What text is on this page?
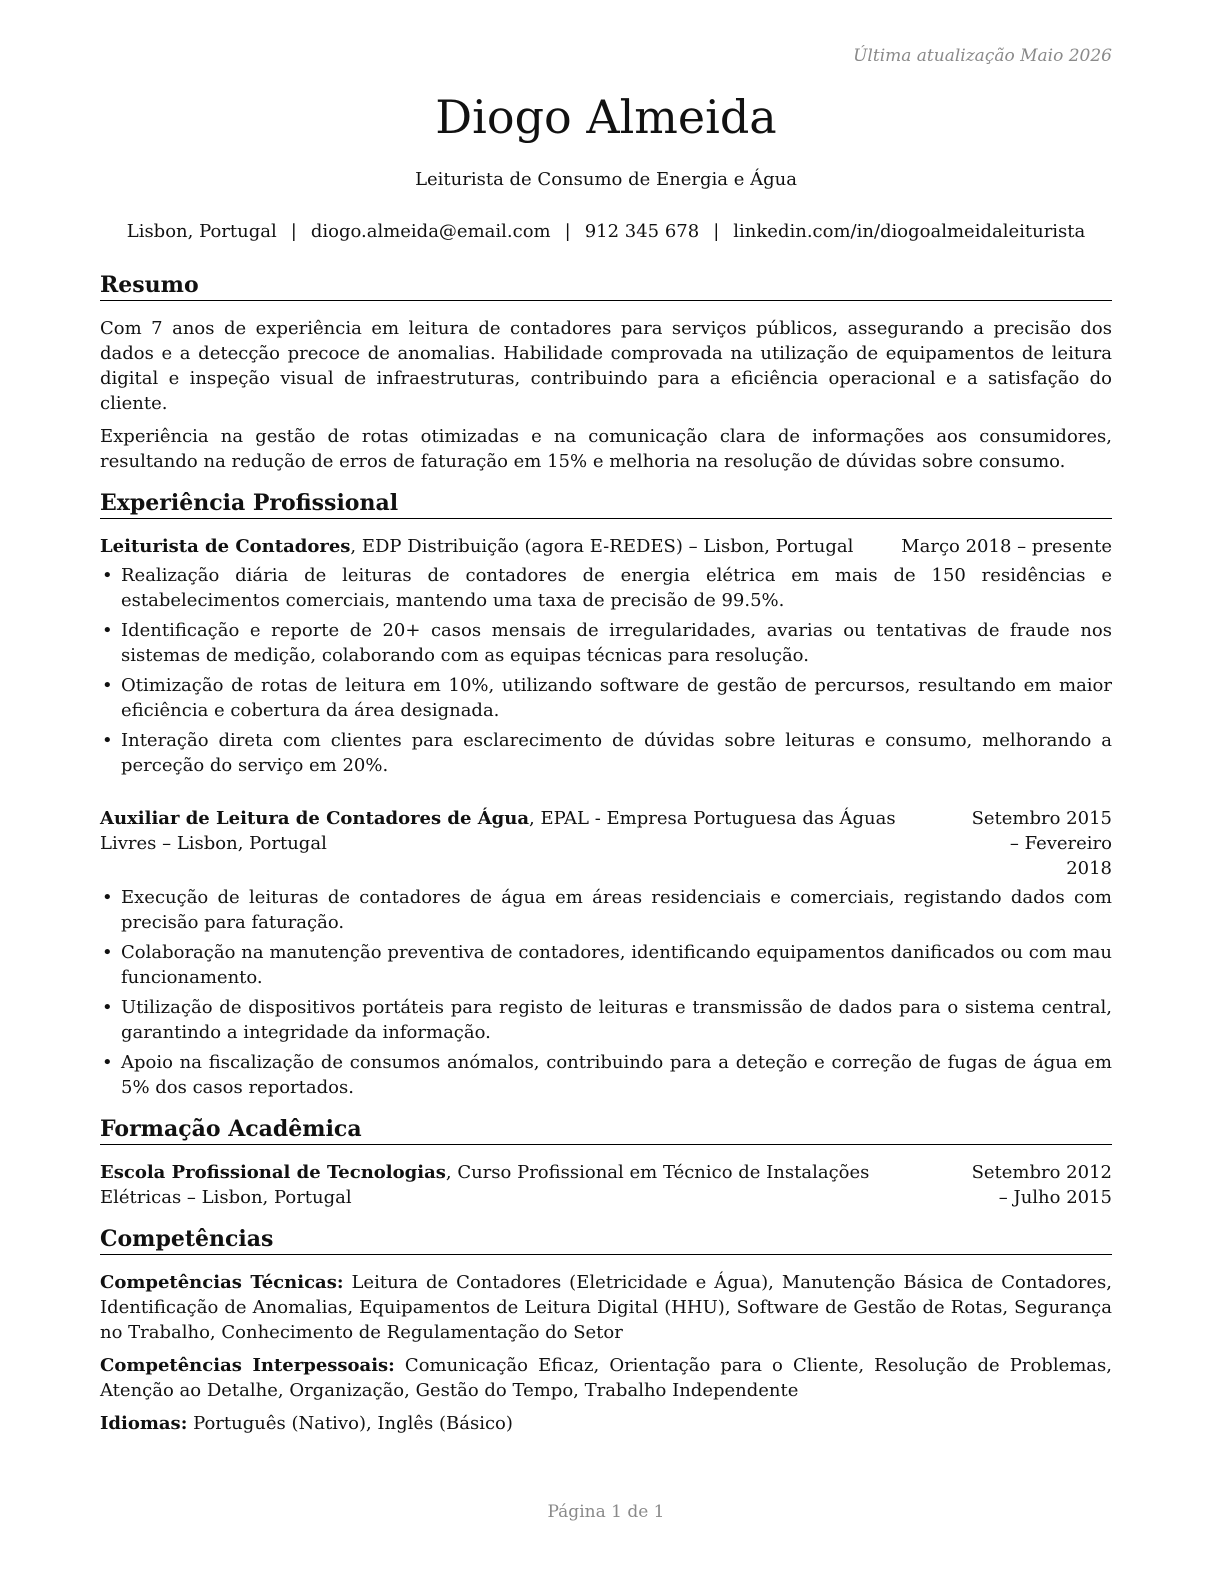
Última atualização Maio 2026
Diogo Almeida
Leiturista de Consumo de Energia e Água
Lisbon, Portugal | diogo.almeida@email.com | 912 345 678 | linkedin.com/in/diogoalmeidaleiturista
Resumo

Com 7 anos de experiência em leitura de contadores para serviços públicos, assegurando a precisão dos dados e a detecção precoce de anomalias. Habilidade comprovada na utilização de equipamentos de leitura digital e inspeção visual de infraestruturas, contribuindo para a eficiência operacional e a satisfação do cliente.

Experiência na gestão de rotas otimizadas e na comunicação clara de informações aos consumidores, resultando na redução de erros de faturação em 15% e melhoria na resolução de dúvidas sobre consumo.

Experiência Profissional
Leiturista de Contadores, EDP Distribuição (agora E-REDES) – Lisbon, Portugal	Março 2018 – presente
• Realização diária de leituras de contadores de energia elétrica em mais de 150 residências e estabelecimentos comerciais, mantendo uma taxa de precisão de 99.5%.
• Identificação e reporte de 20+ casos mensais de irregularidades, avarias ou tentativas de fraude nos sistemas de medição, colaborando com as equipas técnicas para resolução.
• Otimização de rotas de leitura em 10%, utilizando software de gestão de percursos, resultando em maior eficiência e cobertura da área designada.
• Interação direta com clientes para esclarecimento de dúvidas sobre leituras e consumo, melhorando a perceção do serviço em 20%.
Auxiliar de Leitura de Contadores de Água, EPAL - Empresa Portuguesa das Águas Livres – Lisbon, Portugal
Setembro 2015 – Fevereiro 2018
• Execução de leituras de contadores de água em áreas residenciais e comerciais, registando dados com precisão para faturação.
• Colaboração na manutenção preventiva de contadores, identificando equipamentos danificados ou com mau funcionamento.
• Utilização de dispositivos portáteis para registo de leituras e transmissão de dados para o sistema central, garantindo a integridade da informação.
• Apoio na fiscalização de consumos anómalos, contribuindo para a deteção e correção de fugas de água em 5% dos casos reportados.
Formação Acadêmica
Escola Profissional de Tecnologias, Curso Profissional em Técnico de Instalações Elétricas – Lisbon, Portugal
Setembro 2012 – Julho 2015
Competências

Competências Técnicas: Leitura de Contadores (Eletricidade e Água), Manutenção Básica de Contadores, Identificação de Anomalias, Equipamentos de Leitura Digital (HHU), Software de Gestão de Rotas, Segurança no Trabalho, Conhecimento de Regulamentação do Setor

Competências Interpessoais: Comunicação Eficaz, Orientação para o Cliente, Resolução de Problemas, Atenção ao Detalhe, Organização, Gestão do Tempo, Trabalho Independente

Idiomas: Português (Nativo), Inglês (Básico)

Página 1 de 1
